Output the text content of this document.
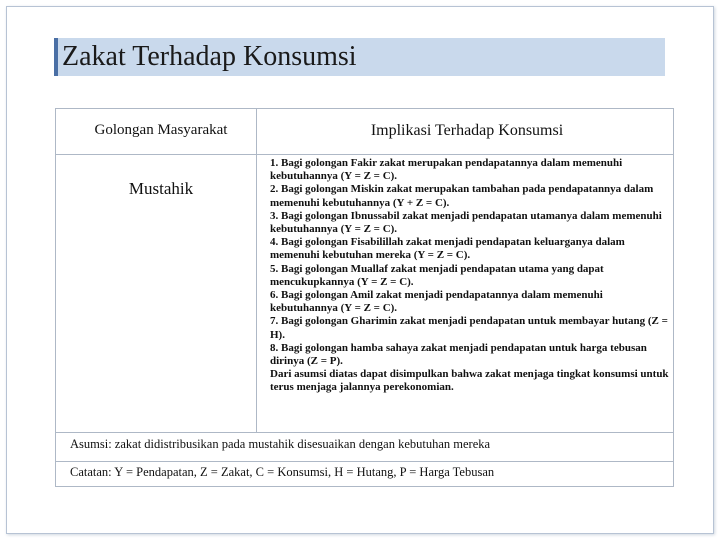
Zakat Terhadap Konsumsi
Golongan Masyarakat	Implikasi Terhadap Konsumsi
Mustahik
1. Bagi golongan Fakir zakat merupakan pendapatannya dalam memenuhi kebutuhannya (Y = Z = C).
2. Bagi golongan Miskin zakat merupakan tambahan pada pendapatannya dalam memenuhi kebutuhannya (Y + Z = C).
3. Bagi golongan Ibnussabil zakat menjadi pendapatan utamanya dalam memenuhi kebutuhannya (Y = Z = C).
4. Bagi golongan Fisabilillah zakat menjadi pendapatan keluarganya dalam memenuhi kebutuhan mereka (Y = Z = C).
5. Bagi golongan Muallaf zakat menjadi pendapatan utama yang dapat mencukupkannya (Y = Z = C).
6. Bagi golongan Amil zakat menjadi pendapatannya dalam memenuhi kebutuhannya (Y = Z = C).
7. Bagi golongan Gharimin zakat menjadi pendapatan untuk membayar hutang (Z = H).
8. Bagi golongan hamba sahaya zakat menjadi pendapatan untuk harga tebusan dirinya (Z = P).
Dari asumsi diatas dapat disimpulkan bahwa zakat menjaga tingkat konsumsi untuk terus menjaga jalannya perekonomian.
Asumsi: zakat didistribusikan pada mustahik disesuaikan dengan kebutuhan mereka
Catatan: Y = Pendapatan, Z = Zakat, C = Konsumsi, H = Hutang, P = Harga Tebusan
